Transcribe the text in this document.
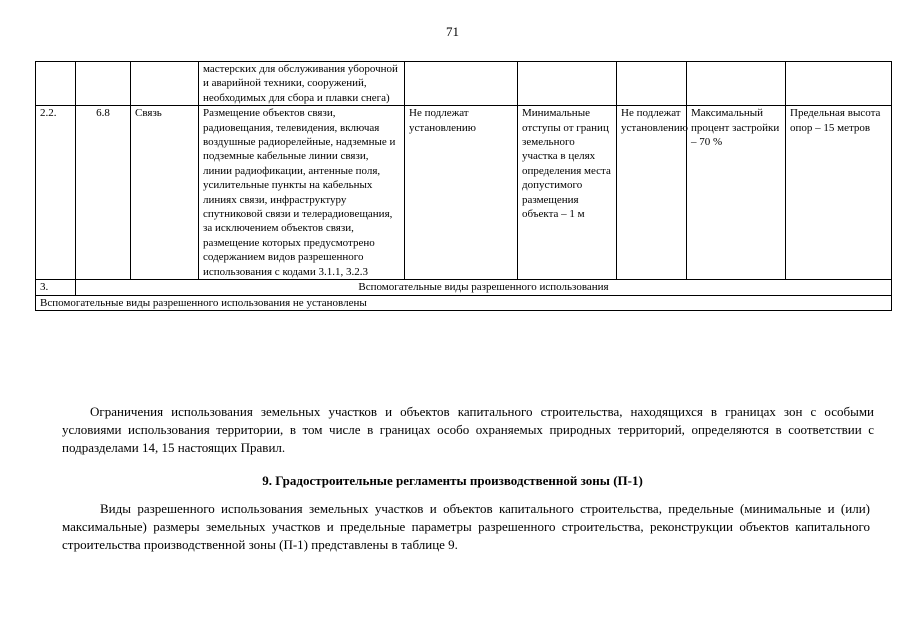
71
			мастерских для обслуживания уборочной и аварийной техники, сооружений, необходимых для сбора и плавки снега)					
2.2.	6.8	Связь	Размещение объектов связи, радиовещания, телевидения, включая воздушные радиорелейные, надземные и подземные кабельные линии связи, линии радиофикации, антенные поля, усилительные пункты на кабельных линиях связи, инфраструктуру спутниковой связи и телерадиовещания, за исключением объектов связи, размещение которых предусмотрено содержанием видов разрешенного использования с кодами 3.1.1, 3.2.3	Не подлежат установлению	Минимальные отступы от границ земельного участка в целях определения места допустимого размещения объекта – 1 м	Не подлежат установлению	Максимальный процент застройки – 70 %	Предельная высота опор – 15 метров
3.	Вспомогательные виды разрешенного использования							
Вспомогательные виды разрешенного использования не установлены								
Ограничения использования земельных участков и объектов капитального строительства, находящихся в границах зон с особыми условиями использования территории, в том числе в границах особо охраняемых природных территорий, определяются в соответствии с подразделами 14, 15 настоящих Правил.
9. Градостроительные регламенты производственной зоны (П-1)
Виды разрешенного использования земельных участков и объектов капитального строительства, предельные (минимальные и (или) максимальные) размеры земельных участков и предельные параметры разрешенного строительства, реконструкции объектов капитального строительства производственной зоны (П-1) представлены в таблице 9.
